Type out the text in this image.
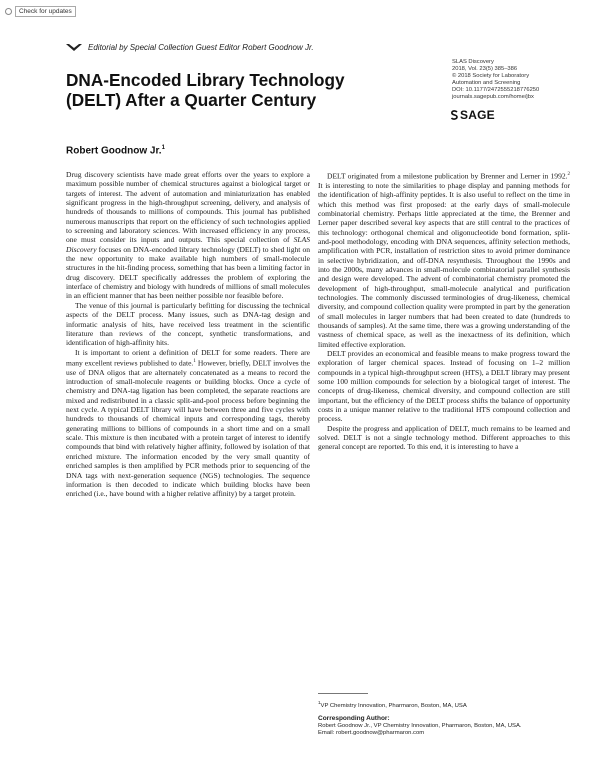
Check for updates
Editorial by Special Collection Guest Editor Robert Goodnow Jr.
DNA-Encoded Library Technology
(DELT) After a Quarter Century
SLAS Discovery
2018, Vol. 23(5) 385–386
© 2018 Society for Laboratory
Automation and Screening
DOI: 10.1177/2472555218776250
journals.sagepub.com/home/jbx
SAGE
Robert Goodnow Jr.$^1$

Drug discovery scientists have made great efforts over the years to explore a maximum possible number of chemical structures against a biological target or targets of interest. The advent of automation and miniaturization has enabled significant progress in the high-throughput screening, delivery, and analysis of hundreds of thousands to millions of compounds. This journal has published numerous manuscripts that report on the efficiency of such technologies applied to screening and laboratory sciences. With increased efficiency in any process, one must consider its inputs and outputs. This special collection of SLAS Discovery focuses on DNA-encoded library technology (DELT) to shed light on the new opportunity to make available high numbers of small-molecule structures in the hit-finding process, something that has been a limiting factor in drug discovery. DELT specifically addresses the problem of exploring the interface of chemistry and biology with hundreds of millions of small molecules in an efficient manner that has been neither possible nor feasible before.

The venue of this journal is particularly befitting for discussing the technical aspects of the DELT process. Many issues, such as DNA-tag design and informatic analysis of hits, have received less treatment in the scientific literature than reviews of the concept, synthetic transformations, and identification of high-affinity hits.

It is important to orient a definition of DELT for some readers. There are many excellent reviews published to date.$^1$ However, briefly, DELT involves the use of DNA oligos that are alternately concatenated as a means to record the introduction of small-molecule reagents or building blocks. Once a cycle of chemistry and DNA-tag ligation has been completed, the separate reactions are mixed and redistributed in a classic split-and-pool process before beginning the next cycle. A typical DELT library will have between three and five cycles with hundreds to thousands of chemical inputs and corresponding tags, thereby generating millions to billions of compounds in a short time and on a small scale. This mixture is then incubated with a protein target of interest to identify compounds that bind with relatively higher affinity, followed by isolation of that enriched mixture. The information encoded by the very small quantity of enriched samples is then amplified by PCR methods prior to sequencing of the DNA tags with next-generation sequence (NGS) technologies. The sequence information is then decoded to indicate which building blocks have been enriched (i.e., have bound with a higher relative affinity) by a target protein.

DELT originated from a milestone publication by Brenner and Lerner in 1992.$^2$ It is interesting to note the similarities to phage display and panning methods for the identification of high-affinity peptides. It is also useful to reflect on the time in which this method was first proposed: at the early days of small-molecule combinatorial chemistry. Perhaps little appreciated at the time, the Brenner and Lerner paper described several key aspects that are still central to the practices of this technology: orthogonal chemical and oligonucleotide bond formation, split-and-pool methodology, encoding with DNA sequences, affinity selection methods, amplification with PCR, installation of restriction sites to avoid primer dominance in selective hybridization, and off-DNA resynthesis. Throughout the 1990s and into the 2000s, many advances in small-molecule combinatorial parallel synthesis and design were developed. The advent of combinatorial chemistry promoted the development of high-throughput, small-molecule analytical and purification technologies. The commonly discussed terminologies of drug-likeness, chemical diversity, and compound collection quality were prompted in part by the generation of small molecules in larger numbers that had been created to date (hundreds to thousands of samples). At the same time, there was a growing understanding of the vastness of chemical space, as well as the inexactness of its definition, which limited effective exploration.

DELT provides an economical and feasible means to make progress toward the exploration of larger chemical spaces. Instead of focusing on 1–2 million compounds in a typical high-throughput screen (HTS), a DELT library may present some 100 million compounds for selection by a biological target of interest. The concepts of drug-likeness, chemical diversity, and compound collection are still important, but the efficiency of the DELT process shifts the balance of opportunity costs in a unique manner relative to the traditional HTS compound collection and process.

Despite the progress and application of DELT, much remains to be learned and solved. DELT is not a single technology method. Different approaches to this general concept are reported. To this end, it is interesting to have a

$^1$VP Chemistry Innovation, Pharmaron, Boston, MA, USA
Corresponding Author:
Robert Goodnow Jr., VP Chemistry Innovation, Pharmaron, Boston, MA, USA.
Email: robert.goodnow@pharmaron.com
